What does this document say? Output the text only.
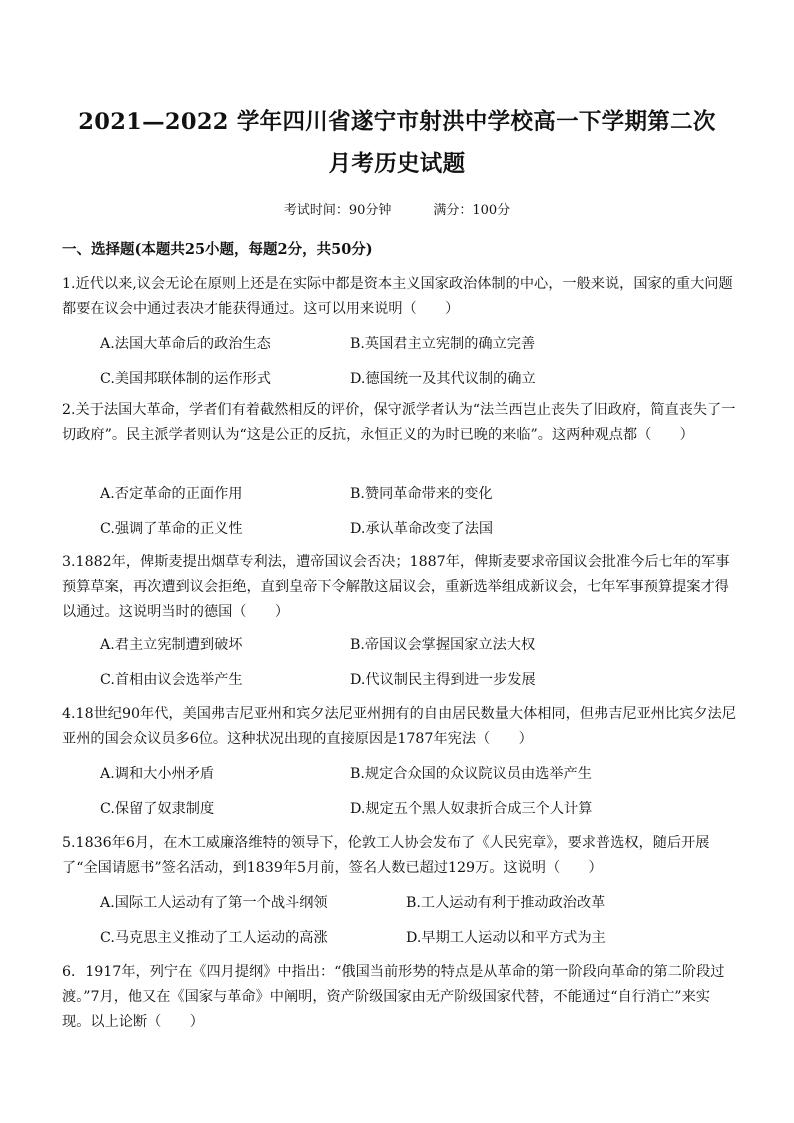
2021—2022 学年四川省遂宁市射洪中学校高一下学期第二次
月考历史试题
考试时间：90分钟	满分：100分
一、选择题(本题共25小题，每题2分，共50分)
1.近代以来,议会无论在原则上还是在实际中都是资本主义国家政治体制的中心，一般来说，国家的重大问题都要在议会中通过表决才能获得通过。这可以用来说明（　　）
A.法国大革命后的政治生态	B.英国君主立宪制的确立完善
C.美国邦联体制的运作形式	D.德国统一及其代议制的确立
2.关于法国大革命，学者们有着截然相反的评价，保守派学者认为“法兰西岂止丧失了旧政府，简直丧失了一切政府”。民主派学者则认为“这是公正的反抗，永恒正义的为时已晚的来临”。这两种观点都（　　）
A.否定革命的正面作用	B.赞同革命带来的变化
C.强调了革命的正义性	D.承认革命改变了法国
3.1882年，俾斯麦提出烟草专利法，遭帝国议会否决；1887年，俾斯麦要求帝国议会批准今后七年的军事预算草案，再次遭到议会拒绝，直到皇帝下令解散这届议会，重新选举组成新议会，七年军事预算提案才得以通过。这说明当时的德国（　　）
A.君主立宪制遭到破坏	B.帝国议会掌握国家立法大权
C.首相由议会选举产生	D.代议制民主得到进一步发展
4.18世纪90年代，美国弗吉尼亚州和宾夕法尼亚州拥有的自由居民数量大体相同，但弗吉尼亚州比宾夕法尼亚州的国会众议员多6位。这种状况出现的直接原因是1787年宪法（　　）
A.调和大小州矛盾	B.规定合众国的众议院议员由选举产生
C.保留了奴隶制度	D.规定五个黑人奴隶折合成三个人计算
5.1836年6月，在木工威廉洛维特的领导下，伦敦工人协会发布了《人民宪章》，要求普选权，随后开展了“全国请愿书”签名活动，到1839年5月前，签名人数已超过129万。这说明（　　）
A.国际工人运动有了第一个战斗纲领	B.工人运动有利于推动政治改革
C.马克思主义推动了工人运动的高涨	D.早期工人运动以和平方式为主
6．1917年，列宁在《四月提纲》中指出：“俄国当前形势的特点是从革命的第一阶段向革命的第二阶段过渡。”7月，他又在《国家与革命》中阐明，资产阶级国家由无产阶级国家代替，不能通过“自行消亡”来实现。以上论断（　　）
